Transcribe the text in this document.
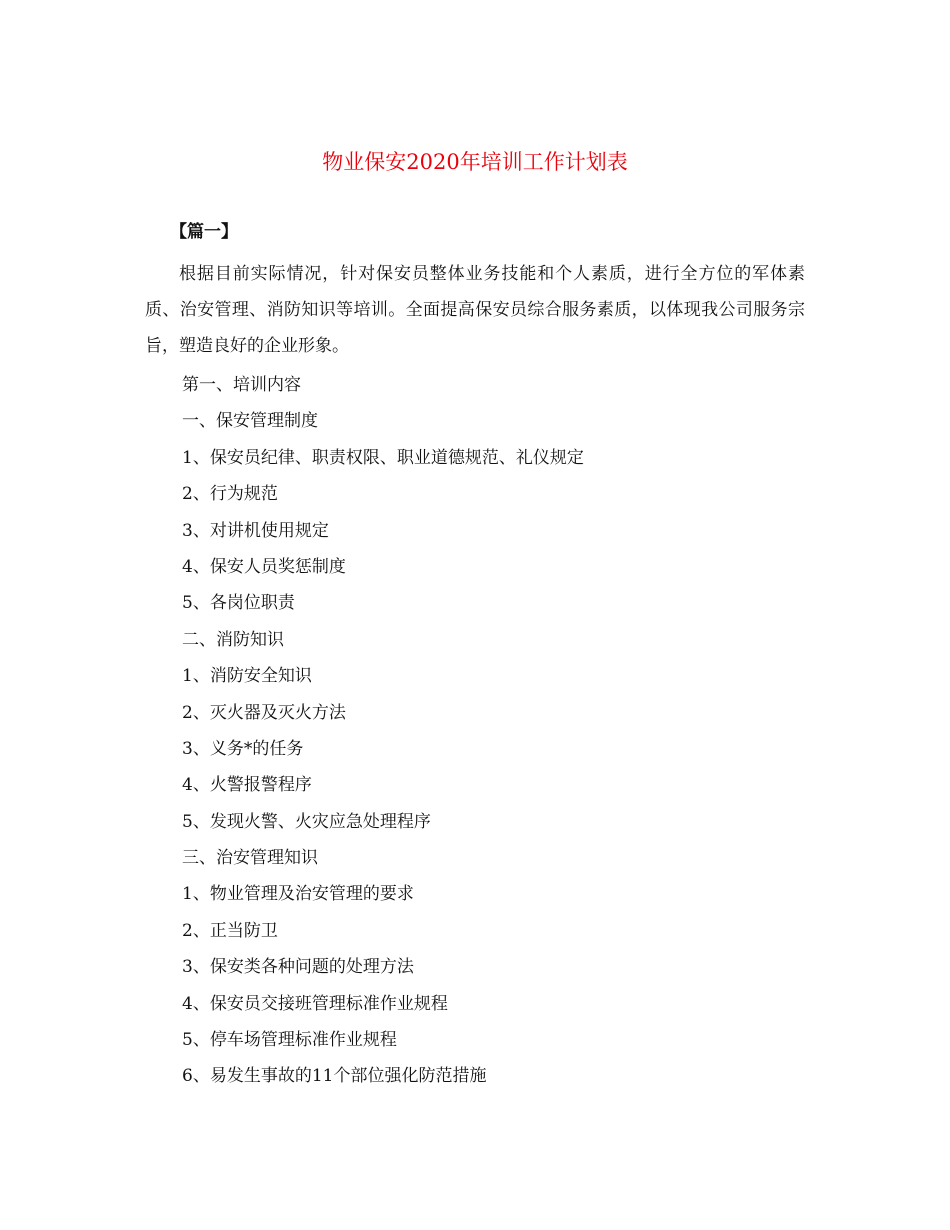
物业保安2020年培训工作计划表
【篇一】

根据目前实际情况，针对保安员整体业务技能和个人素质，进行全方位的军体素质、治安管理、消防知识等培训。全面提高保安员综合服务素质，以体现我公司服务宗旨，塑造良好的企业形象。

第一、培训内容
一、保安管理制度
1、保安员纪律、职责权限、职业道德规范、礼仪规定
2、行为规范
3、对讲机使用规定
4、保安人员奖惩制度
5、各岗位职责
二、消防知识
1、消防安全知识
2、灭火器及灭火方法
3、义务*的任务
4、火警报警程序
5、发现火警、火灾应急处理程序
三、治安管理知识
1、物业管理及治安管理的要求
2、正当防卫
3、保安类各种问题的处理方法
4、保安员交接班管理标准作业规程
5、停车场管理标准作业规程
6、易发生事故的11个部位强化防范措施
